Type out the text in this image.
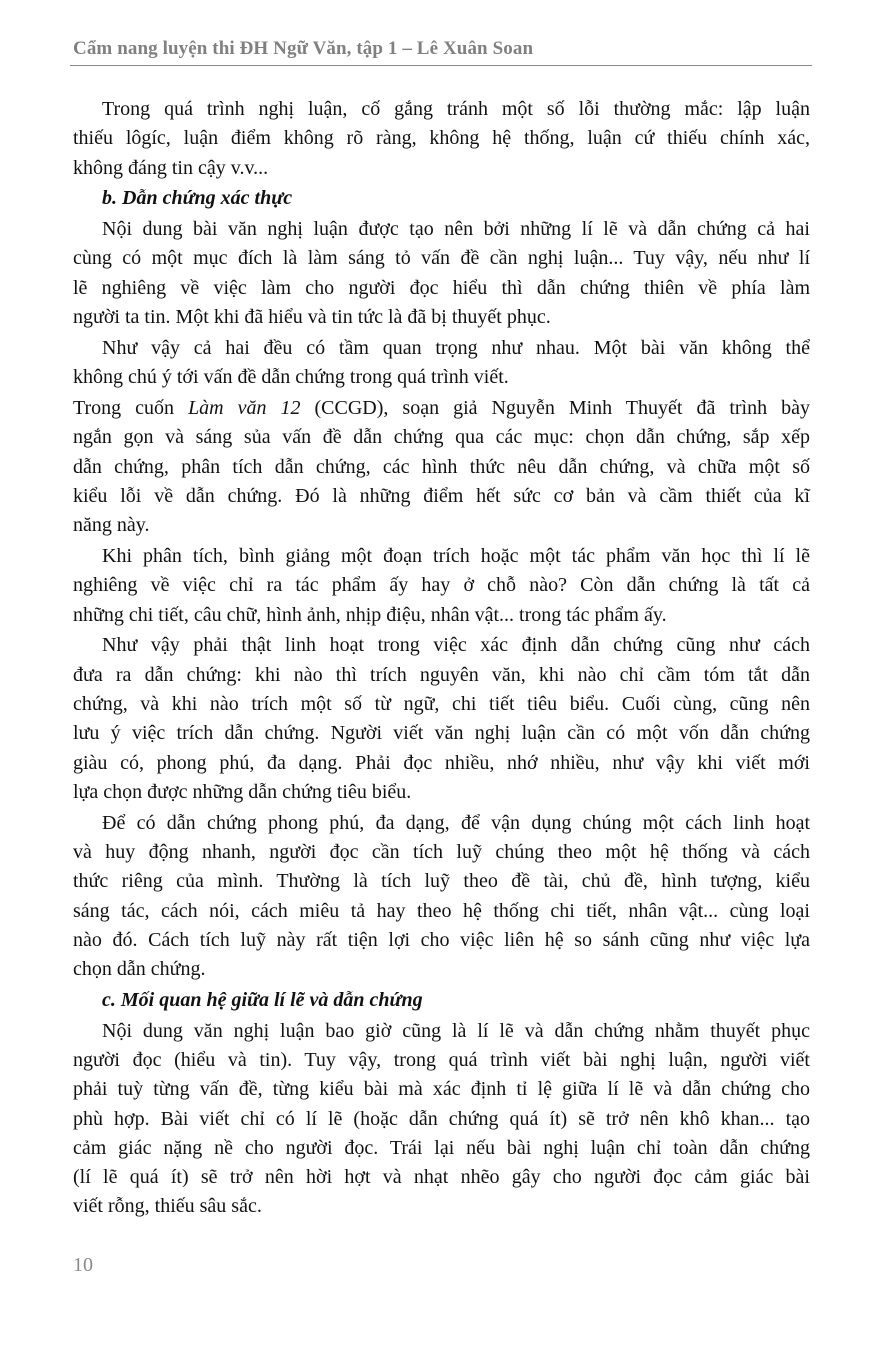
Cẩm nang luyện thi ĐH Ngữ Văn, tập 1 – Lê Xuân Soan
Trong quá trình nghị luận, cố gắng tránh một số lỗi thường mắc: lập luận
thiếu lôgíc, luận điểm không rõ ràng, không hệ thống, luận cứ thiếu chính xác,
không đáng tin cậy v.v...
b. Dẫn chứng xác thực
Nội dung bài văn nghị luận được tạo nên bởi những lí lẽ và dẫn chứng cả hai
cùng có một mục đích là làm sáng tỏ vấn đề cần nghị luận... Tuy vậy, nếu như lí
lẽ nghiêng về việc làm cho người đọc hiểu thì dẫn chứng thiên về phía làm
người ta tin. Một khi đã hiểu và tin tức là đã bị thuyết phục.
Như vậy cả hai đều có tầm quan trọng như nhau. Một bài văn không thể
không chú ý tới vấn đề dẫn chứng trong quá trình viết.
Trong cuốn Làm văn 12 (CCGD), soạn giả Nguyễn Minh Thuyết đã trình bày
ngắn gọn và sáng sủa vấn đề dẫn chứng qua các mục: chọn dẫn chứng, sắp xếp
dẫn chứng, phân tích dẫn chứng, các hình thức nêu dẫn chứng, và chữa một số
kiểu lỗi về dẫn chứng. Đó là những điểm hết sức cơ bản và cầm thiết của kĩ
năng này.
Khi phân tích, bình giảng một đoạn trích hoặc một tác phẩm văn học thì lí lẽ
nghiêng về việc chỉ ra tác phẩm ấy hay ở chỗ nào? Còn dẫn chứng là tất cả
những chi tiết, câu chữ, hình ảnh, nhịp điệu, nhân vật... trong tác phẩm ấy.
Như vậy phải thật linh hoạt trong việc xác định dẫn chứng cũng như cách
đưa ra dẫn chứng: khi nào thì trích nguyên văn, khi nào chỉ cầm tóm tắt dẫn
chứng, và khi nào trích một số từ ngữ, chi tiết tiêu biểu. Cuối cùng, cũng nên
lưu ý việc trích dẫn chứng. Người viết văn nghị luận cần có một vốn dẫn chứng
giàu có, phong phú, đa dạng. Phải đọc nhiều, nhớ nhiều, như vậy khi viết mới
lựa chọn được những dẫn chứng tiêu biểu.
Để có dẫn chứng phong phú, đa dạng, để vận dụng chúng một cách linh hoạt
và huy động nhanh, người đọc cần tích luỹ chúng theo một hệ thống và cách
thức riêng của mình. Thường là tích luỹ theo đề tài, chủ đề, hình tượng, kiểu
sáng tác, cách nói, cách miêu tả hay theo hệ thống chi tiết, nhân vật... cùng loại
nào đó. Cách tích luỹ này rất tiện lợi cho việc liên hệ so sánh cũng như việc lựa
chọn dẫn chứng.
c. Mối quan hệ giữa lí lẽ và dẫn chứng
Nội dung văn nghị luận bao giờ cũng là lí lẽ và dẫn chứng nhằm thuyết phục
người đọc (hiểu và tin). Tuy vậy, trong quá trình viết bài nghị luận, người viết
phải tuỳ từng vấn đề, từng kiểu bài mà xác định tỉ lệ giữa lí lẽ và dẫn chứng cho
phù hợp. Bài viết chỉ có lí lẽ (hoặc dẫn chứng quá ít) sẽ trở nên khô khan... tạo
cảm giác nặng nề cho người đọc. Trái lại nếu bài nghị luận chỉ toàn dẫn chứng
(lí lẽ quá ít) sẽ trở nên hời hợt và nhạt nhẽo gây cho người đọc cảm giác bài
viết rỗng, thiếu sâu sắc.
10
